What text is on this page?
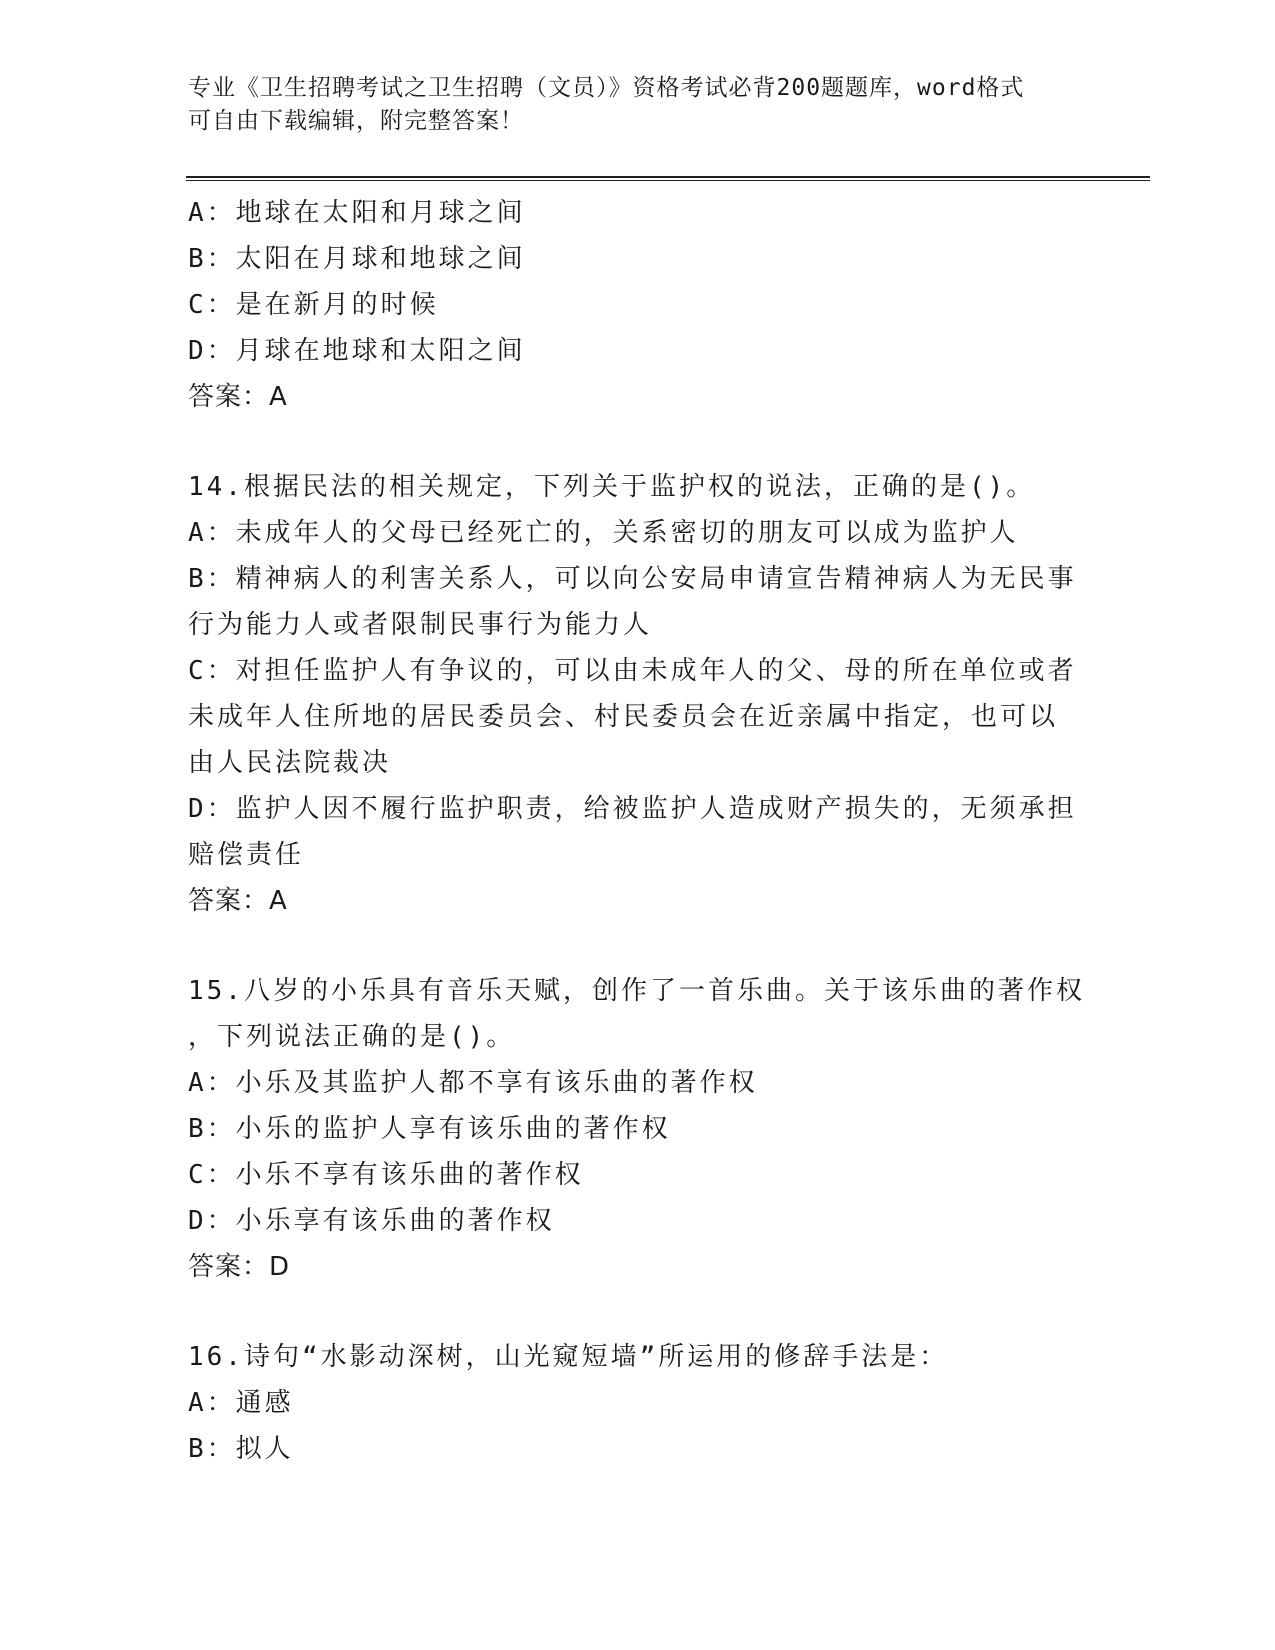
专业《卫生招聘考试之卫生招聘（文员）》资格考试必背200题题库，word格式
可自由下载编辑，附完整答案！
A：地球在太阳和月球之间
B：太阳在月球和地球之间
C：是在新月的时候
D：月球在地球和太阳之间
答案：A
14.根据民法的相关规定，下列关于监护权的说法，正确的是()。
A：未成年人的父母已经死亡的，关系密切的朋友可以成为监护人
B：精神病人的利害关系人，可以向公安局申请宣告精神病人为无民事
行为能力人或者限制民事行为能力人
C：对担任监护人有争议的，可以由未成年人的父、母的所在单位或者
未成年人住所地的居民委员会、村民委员会在近亲属中指定，也可以
由人民法院裁决
D：监护人因不履行监护职责，给被监护人造成财产损失的，无须承担
赔偿责任
答案：A
15.八岁的小乐具有音乐天赋，创作了一首乐曲。关于该乐曲的著作权
，下列说法正确的是()。
A：小乐及其监护人都不享有该乐曲的著作权
B：小乐的监护人享有该乐曲的著作权
C：小乐不享有该乐曲的著作权
D：小乐享有该乐曲的著作权
答案：D
16.诗句“水影动深树，山光窥短墙”所运用的修辞手法是：
A：通感
B：拟人
